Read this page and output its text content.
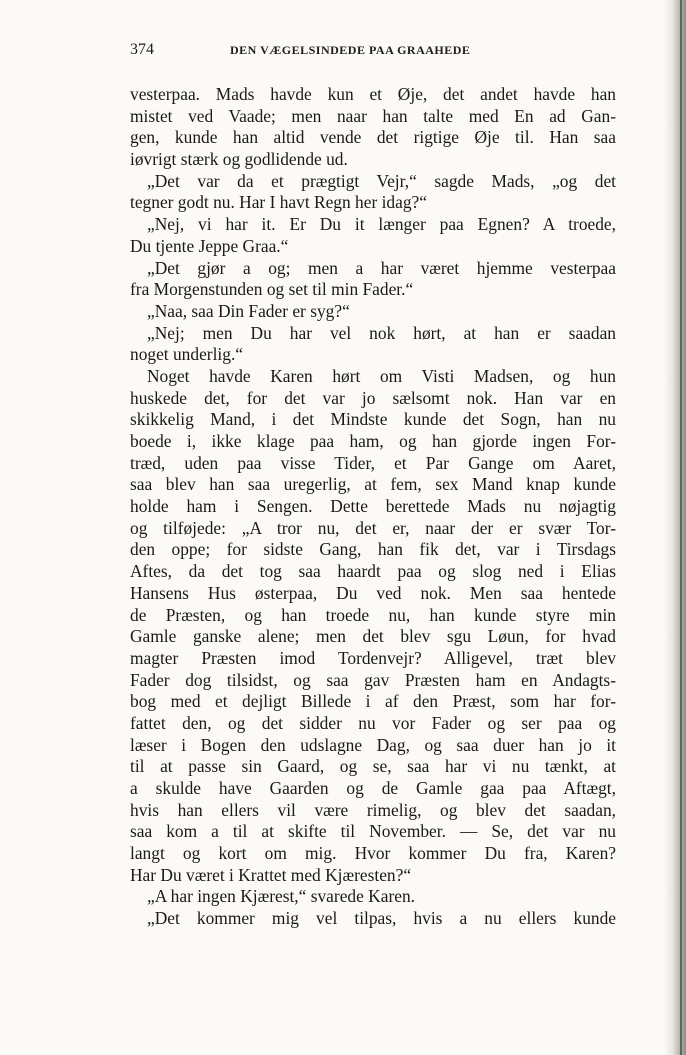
374	DEN VÆGELSINDEDE PAA GRAAHEDE
vesterpaa. Mads havde kun et Øje, det andet havde han
mistet ved Vaade; men naar han talte med En ad Gan-
gen, kunde han altid vende det rigtige Øje til. Han saa
iøvrigt stærk og godlidende ud.
„Det var da et prægtigt Vejr,“ sagde Mads, „og det
tegner godt nu. Har I havt Regn her idag?“
„Nej, vi har it. Er Du it længer paa Egnen? A troede,
Du tjente Jeppe Graa.“
„Det gjør a og; men a har været hjemme vesterpaa
fra Morgenstunden og set til min Fader.“
„Naa, saa Din Fader er syg?“
„Nej; men Du har vel nok hørt, at han er saadan
noget underlig.“
Noget havde Karen hørt om Visti Madsen, og hun
huskede det, for det var jo sælsomt nok. Han var en
skikkelig Mand, i det Mindste kunde det Sogn, han nu
boede i, ikke klage paa ham, og han gjorde ingen For-
træd, uden paa visse Tider, et Par Gange om Aaret,
saa blev han saa uregerlig, at fem, sex Mand knap kunde
holde ham i Sengen. Dette berettede Mads nu nøjagtig
og tilføjede: „A tror nu, det er, naar der er svær Tor-
den oppe; for sidste Gang, han fik det, var i Tirsdags
Aftes, da det tog saa haardt paa og slog ned i Elias
Hansens Hus østerpaa, Du ved nok. Men saa hentede
de Præsten, og han troede nu, han kunde styre min
Gamle ganske alene; men det blev sgu Løun, for hvad
magter Præsten imod Tordenvejr? Alligevel, træt blev
Fader dog tilsidst, og saa gav Præsten ham en Andagts-
bog med et dejligt Billede i af den Præst, som har for-
fattet den, og det sidder nu vor Fader og ser paa og
læser i Bogen den udslagne Dag, og saa duer han jo it
til at passe sin Gaard, og se, saa har vi nu tænkt, at
a skulde have Gaarden og de Gamle gaa paa Aftægt,
hvis han ellers vil være rimelig, og blev det saadan,
saa kom a til at skifte til November. — Se, det var nu
langt og kort om mig. Hvor kommer Du fra, Karen?
Har Du været i Krattet med Kjæresten?“
„A har ingen Kjærest,“ svarede Karen.
„Det kommer mig vel tilpas, hvis a nu ellers kunde
